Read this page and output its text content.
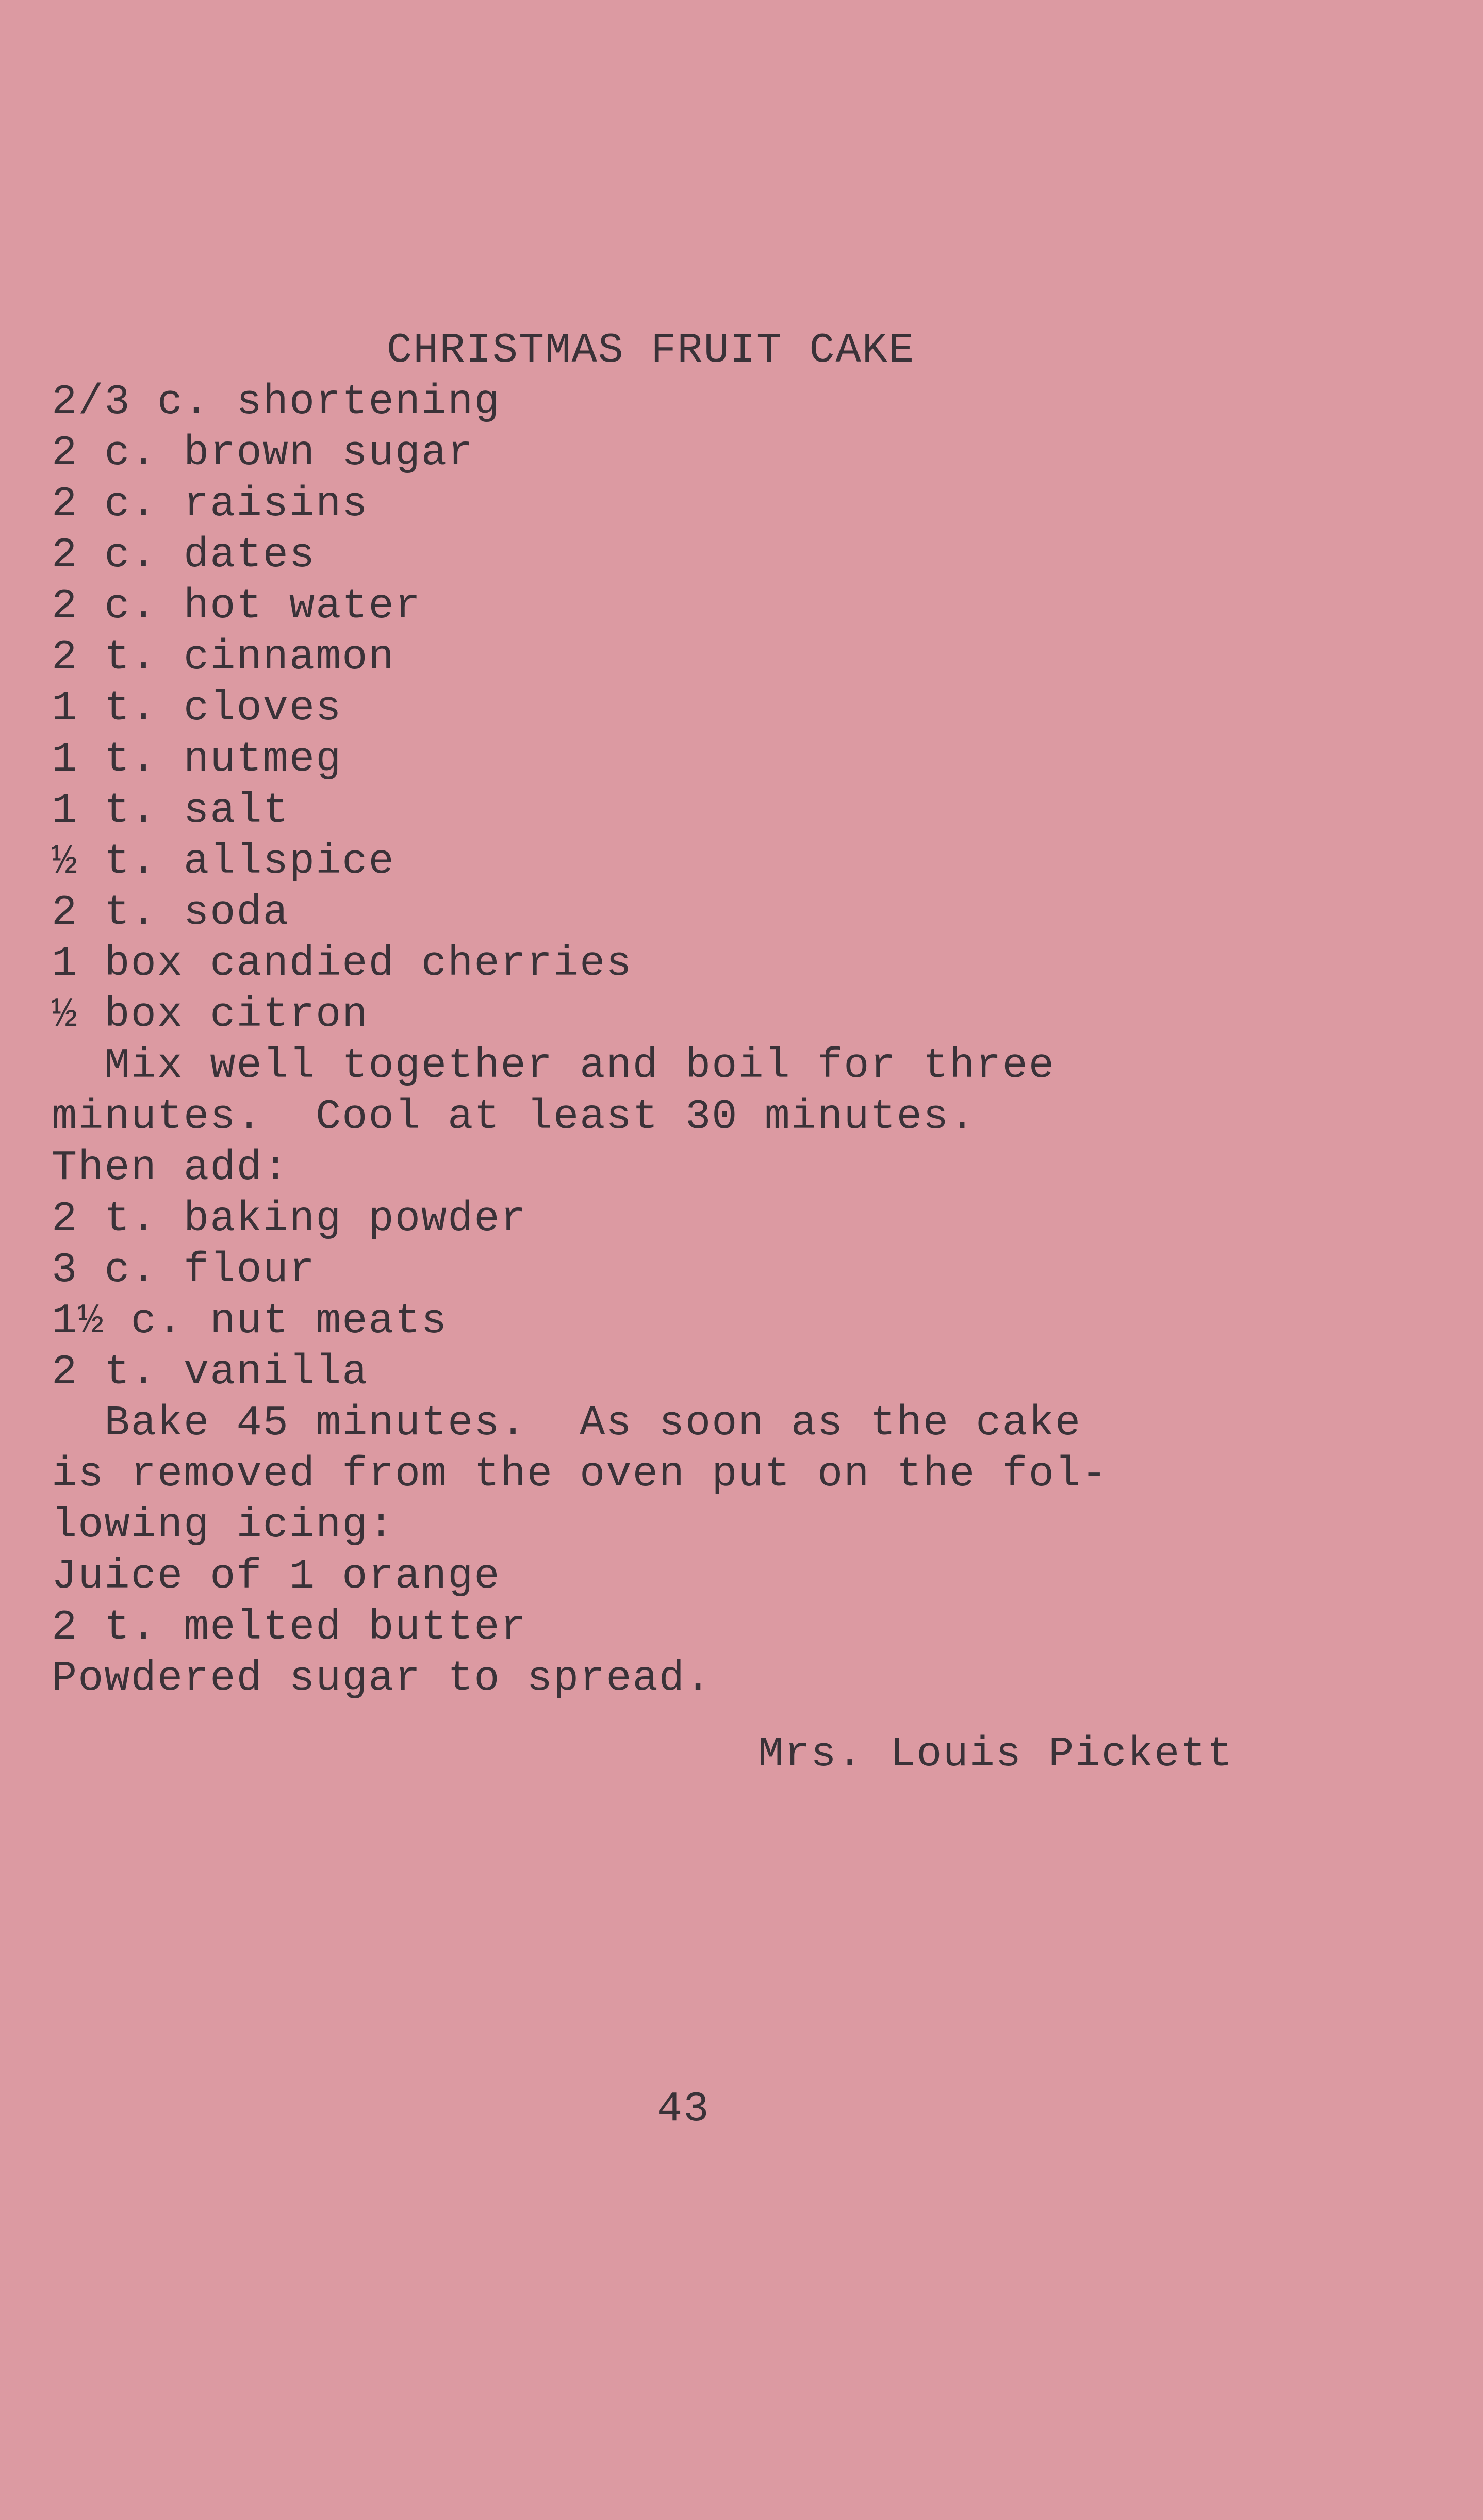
CHRISTMAS FRUIT CAKE
2/3 c. shortening
2 c. brown sugar
2 c. raisins
2 c. dates
2 c. hot water
2 t. cinnamon
1 t. cloves
1 t. nutmeg
1 t. salt
½ t. allspice
2 t. soda
1 box candied cherries
½ box citron
Mix well together and boil for three
minutes.  Cool at least 30 minutes.
Then add:
2 t. baking powder
3 c. flour
1½ c. nut meats
2 t. vanilla
Bake 45 minutes.  As soon as the cake
is removed from the oven put on the fol-
lowing icing:
Juice of 1 orange
2 t. melted butter
Powdered sugar to spread.
Mrs. Louis Pickett
43
